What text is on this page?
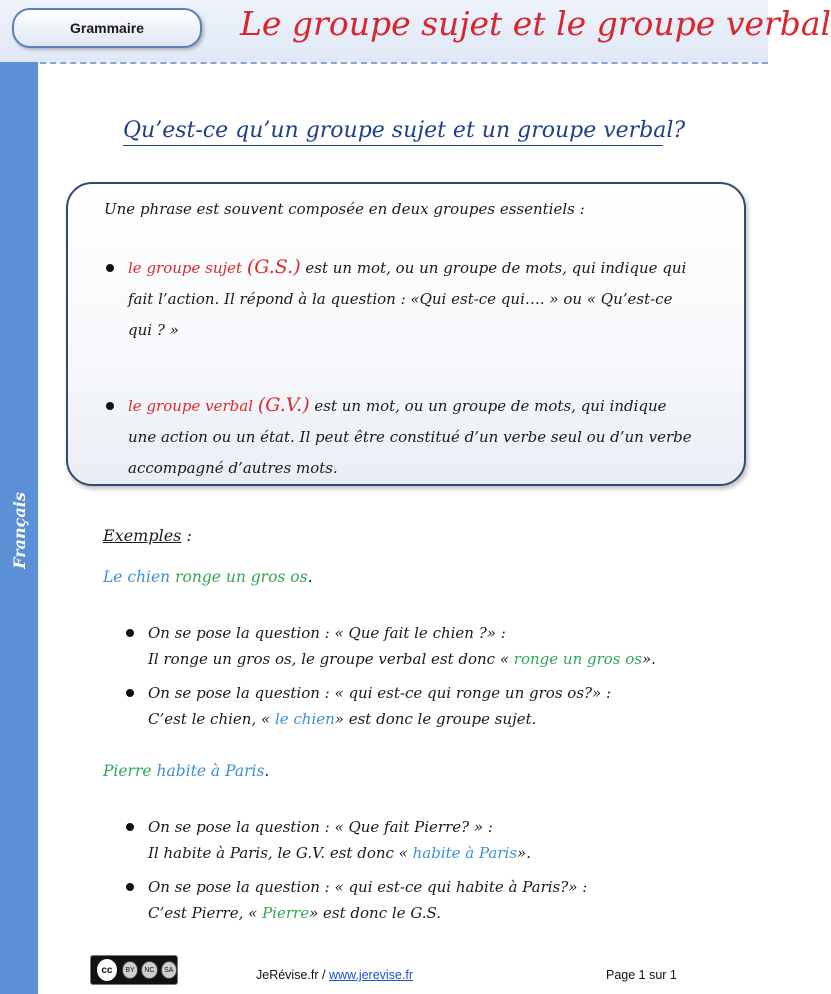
Grammaire	Le groupe sujet et le groupe verbal
Français
Qu’est-ce qu’un groupe sujet et un groupe verbal?
Une phrase est souvent composée en deux groupes essentiels :
le groupe sujet (G.S.) est un mot, ou un groupe de mots, qui indique qui
fait l’action. Il répond à la question : «Qui est-ce qui…. » ou « Qu’est-ce
qui ? »
le groupe verbal (G.V.) est un mot, ou un groupe de mots, qui indique
une action ou un état. Il peut être constitué d’un verbe seul ou d’un verbe
accompagné d’autres mots.
Exemples :
Le chien ronge un gros os.
On se pose la question : « Que fait le chien ?» :
Il ronge un gros os, le groupe verbal est donc « ronge un gros os».
On se pose la question : « qui est-ce qui ronge un gros os?» :
C’est le chien, « le chien» est donc le groupe sujet.
Pierre habite à Paris.
On se pose la question : « Que fait Pierre? » :
Il habite à Paris, le G.V. est donc « habite à Paris».
On se pose la question : « qui est-ce qui habite à Paris?» :
C’est Pierre, « Pierre» est donc le G.S.
cc	BY	NC	SA	JeRévise.fr / www.jerevise.fr	Page 1 sur 1
